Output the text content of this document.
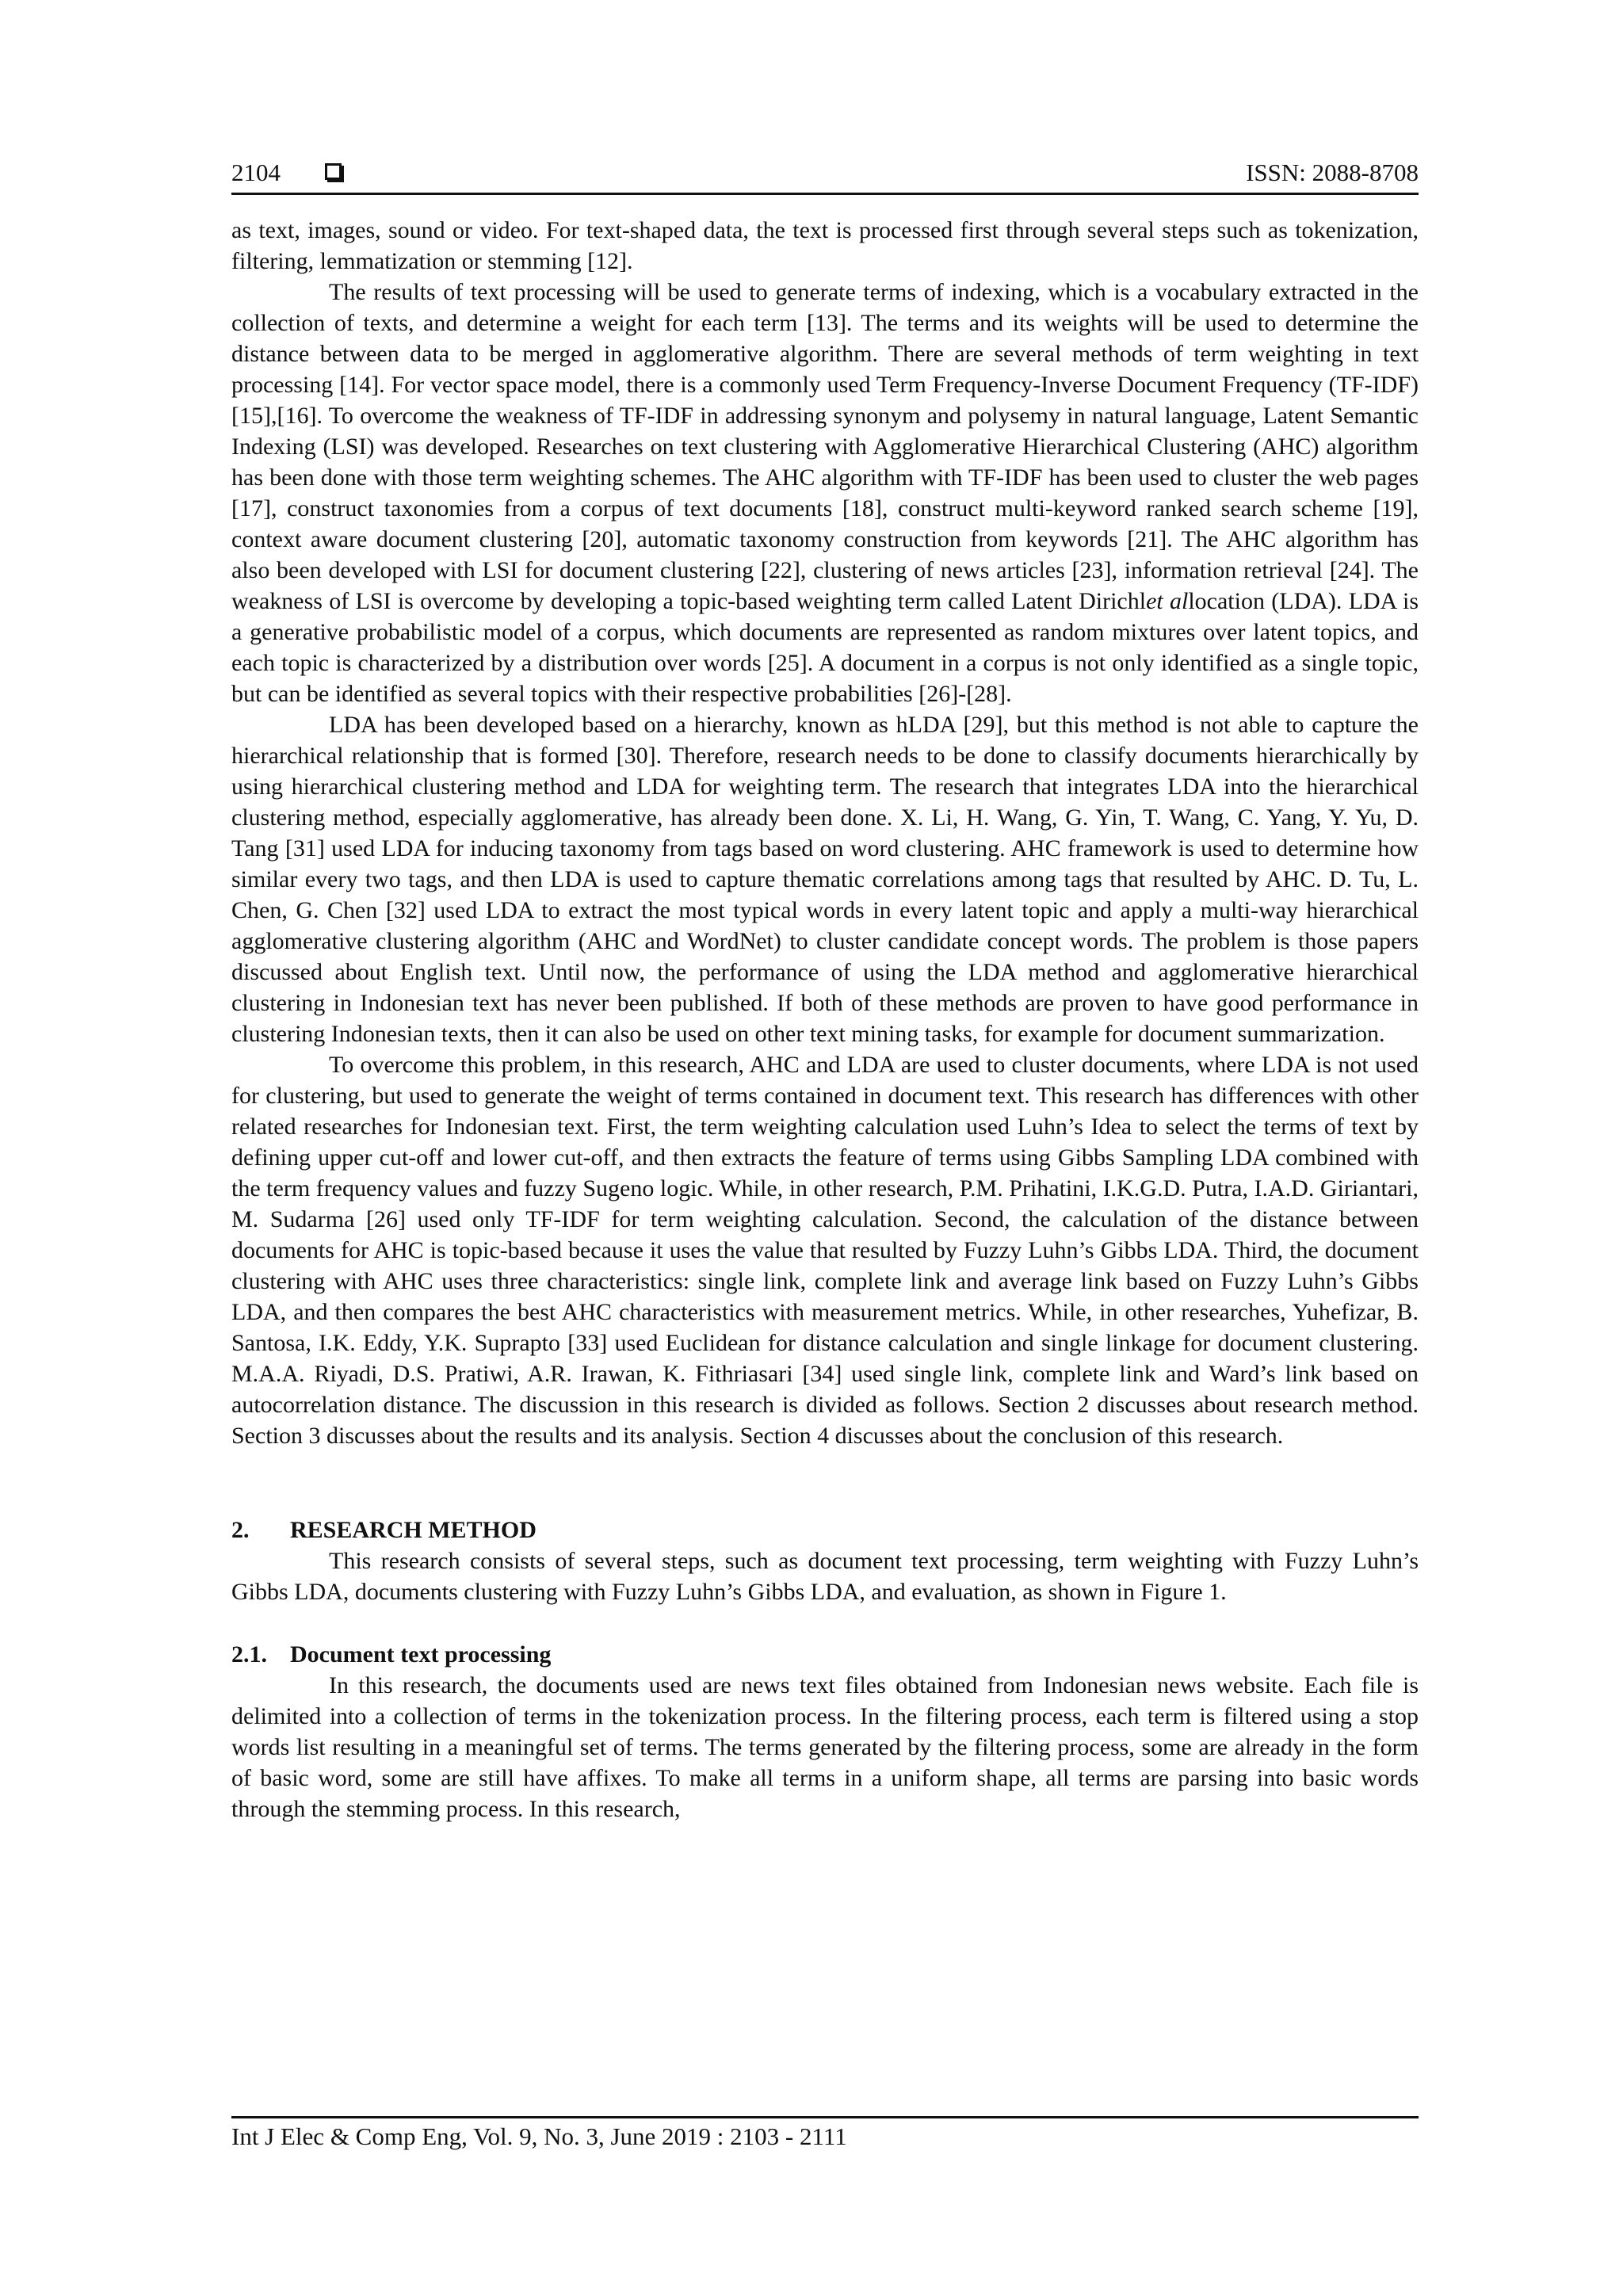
2104	ISSN: 2088-8708

as text, images, sound or video. For text-shaped data, the text is processed first through several steps such as tokenization, filtering, lemmatization or stemming [12].

The results of text processing will be used to generate terms of indexing, which is a vocabulary extracted in the collection of texts, and determine a weight for each term [13]. The terms and its weights will be used to determine the distance between data to be merged in agglomerative algorithm. There are several methods of term weighting in text processing [14]. For vector space model, there is a commonly used Term Frequency-Inverse Document Frequency (TF-IDF) [15],[16]. To overcome the weakness of TF-IDF in addressing synonym and polysemy in natural language, Latent Semantic Indexing (LSI) was developed. Researches on text clustering with Agglomerative Hierarchical Clustering (AHC) algorithm has been done with those term weighting schemes. The AHC algorithm with TF-IDF has been used to cluster the web pages [17], construct taxonomies from a corpus of text documents [18], construct multi-keyword ranked search scheme [19], context aware document clustering [20], automatic taxonomy construction from keywords [21]. The AHC algorithm has also been developed with LSI for document clustering [22], clustering of news articles [23], information retrieval [24]. The weakness of LSI is overcome by developing a topic-based weighting term called Latent Dirichlet allocation (LDA). LDA is a generative probabilistic model of a corpus, which documents are represented as random mixtures over latent topics, and each topic is characterized by a distribution over words [25]. A document in a corpus is not only identified as a single topic, but can be identified as several topics with their respective probabilities [26]-[28].

LDA has been developed based on a hierarchy, known as hLDA [29], but this method is not able to capture the hierarchical relationship that is formed [30]. Therefore, research needs to be done to classify documents hierarchically by using hierarchical clustering method and LDA for weighting term. The research that integrates LDA into the hierarchical clustering method, especially agglomerative, has already been done. X. Li, H. Wang, G. Yin, T. Wang, C. Yang, Y. Yu, D. Tang [31] used LDA for inducing taxonomy from tags based on word clustering. AHC framework is used to determine how similar every two tags, and then LDA is used to capture thematic correlations among tags that resulted by AHC. D. Tu, L. Chen, G. Chen [32] used LDA to extract the most typical words in every latent topic and apply a multi-way hierarchical agglomerative clustering algorithm (AHC and WordNet) to cluster candidate concept words. The problem is those papers discussed about English text. Until now, the performance of using the LDA method and agglomerative hierarchical clustering in Indonesian text has never been published. If both of these methods are proven to have good performance in clustering Indonesian texts, then it can also be used on other text mining tasks, for example for document summarization.

To overcome this problem, in this research, AHC and LDA are used to cluster documents, where LDA is not used for clustering, but used to generate the weight of terms contained in document text. This research has differences with other related researches for Indonesian text. First, the term weighting calculation used Luhn’s Idea to select the terms of text by defining upper cut-off and lower cut-off, and then extracts the feature of terms using Gibbs Sampling LDA combined with the term frequency values and fuzzy Sugeno logic. While, in other research, P.M. Prihatini, I.K.G.D. Putra, I.A.D. Giriantari, M. Sudarma [26] used only TF-IDF for term weighting calculation. Second, the calculation of the distance between documents for AHC is topic-based because it uses the value that resulted by Fuzzy Luhn’s Gibbs LDA. Third, the document clustering with AHC uses three characteristics: single link, complete link and average link based on Fuzzy Luhn’s Gibbs LDA, and then compares the best AHC characteristics with measurement metrics. While, in other researches, Yuhefizar, B. Santosa, I.K. Eddy, Y.K. Suprapto [33] used Euclidean for distance calculation and single linkage for document clustering. M.A.A. Riyadi, D.S. Pratiwi, A.R. Irawan, K. Fithriasari [34] used single link, complete link and Ward’s link based on autocorrelation distance. The discussion in this research is divided as follows. Section 2 discusses about research method. Section 3 discusses about the results and its analysis. Section 4 discusses about the conclusion of this research.

2. RESEARCH METHOD

This research consists of several steps, such as document text processing, term weighting with Fuzzy Luhn’s Gibbs LDA, documents clustering with Fuzzy Luhn’s Gibbs LDA, and evaluation, as shown in Figure 1.

2.1. Document text processing

In this research, the documents used are news text files obtained from Indonesian news website. Each file is delimited into a collection of terms in the tokenization process. In the filtering process, each term is filtered using a stop words list resulting in a meaningful set of terms. The terms generated by the filtering process, some are already in the form of basic word, some are still have affixes. To make all terms in a uniform shape, all terms are parsing into basic words through the stemming process. In this research,

Int J Elec & Comp Eng, Vol. 9, No. 3, June 2019 : 2103 - 2111
